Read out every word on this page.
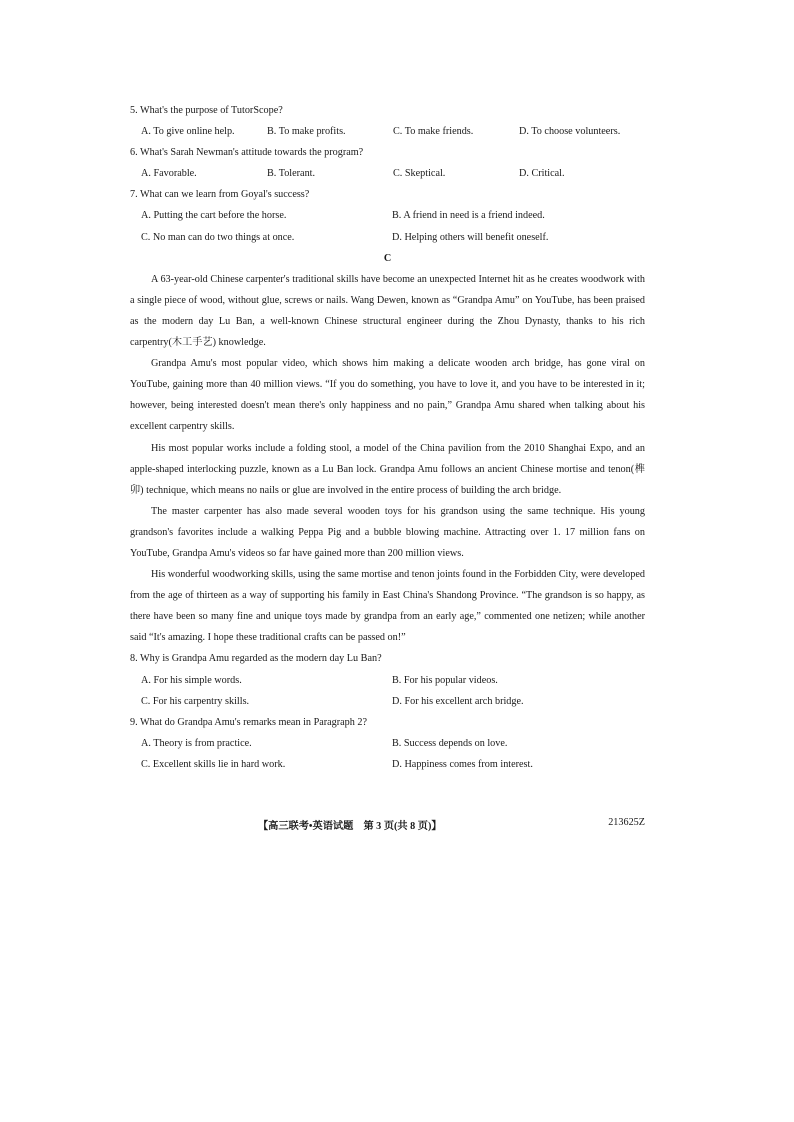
5. What's the purpose of TutorScope?

A. To give online help.	B. To make profits.	C. To make friends.	D. To choose volunteers.

6. What's Sarah Newman's attitude towards the program?

A. Favorable.	B. Tolerant.	C. Skeptical.	D. Critical.

7. What can we learn from Goyal's success?

A. Putting the cart before the horse.	B. A friend in need is a friend indeed.
C. No man can do two things at once.	D. Helping others will benefit oneself.

C

A 63-year-old Chinese carpenter's traditional skills have become an unexpected Internet hit as he creates woodwork with a single piece of wood, without glue, screws or nails. Wang Dewen, known as “Grandpa Amu” on YouTube, has been praised as the modern day Lu Ban, a well-known Chinese structural engineer during the Zhou Dynasty, thanks to his rich carpentry(木工手艺) knowledge.

Grandpa Amu's most popular video, which shows him making a delicate wooden arch bridge, has gone viral on YouTube, gaining more than 40 million views. “If you do something, you have to love it, and you have to be interested in it; however, being interested doesn't mean there's only happiness and no pain,” Grandpa Amu shared when talking about his excellent carpentry skills.

His most popular works include a folding stool, a model of the China pavilion from the 2010 Shanghai Expo, and an apple-shaped interlocking puzzle, known as a Lu Ban lock. Grandpa Amu follows an ancient Chinese mortise and tenon(榫卯) technique, which means no nails or glue are involved in the entire process of building the arch bridge.

The master carpenter has also made several wooden toys for his grandson using the same technique. His young grandson's favorites include a walking Peppa Pig and a bubble blowing machine. Attracting over 1. 17 million fans on YouTube, Grandpa Amu's videos so far have gained more than 200 million views.

His wonderful woodworking skills, using the same mortise and tenon joints found in the Forbidden City, were developed from the age of thirteen as a way of supporting his family in East China's Shandong Province. “The grandson is so happy, as there have been so many fine and unique toys made by grandpa from an early age,” commented one netizen; while another said “It's amazing. I hope these traditional crafts can be passed on!”

8. Why is Grandpa Amu regarded as the modern day Lu Ban?

A. For his simple words.	B. For his popular videos.
C. For his carpentry skills.	D. For his excellent arch bridge.

9. What do Grandpa Amu's remarks mean in Paragraph 2?

A. Theory is from practice.	B. Success depends on love.
C. Excellent skills lie in hard work.	D. Happiness comes from interest.
【高三联考•英语试题　第 3 页(共 8 页)】	213625Z
